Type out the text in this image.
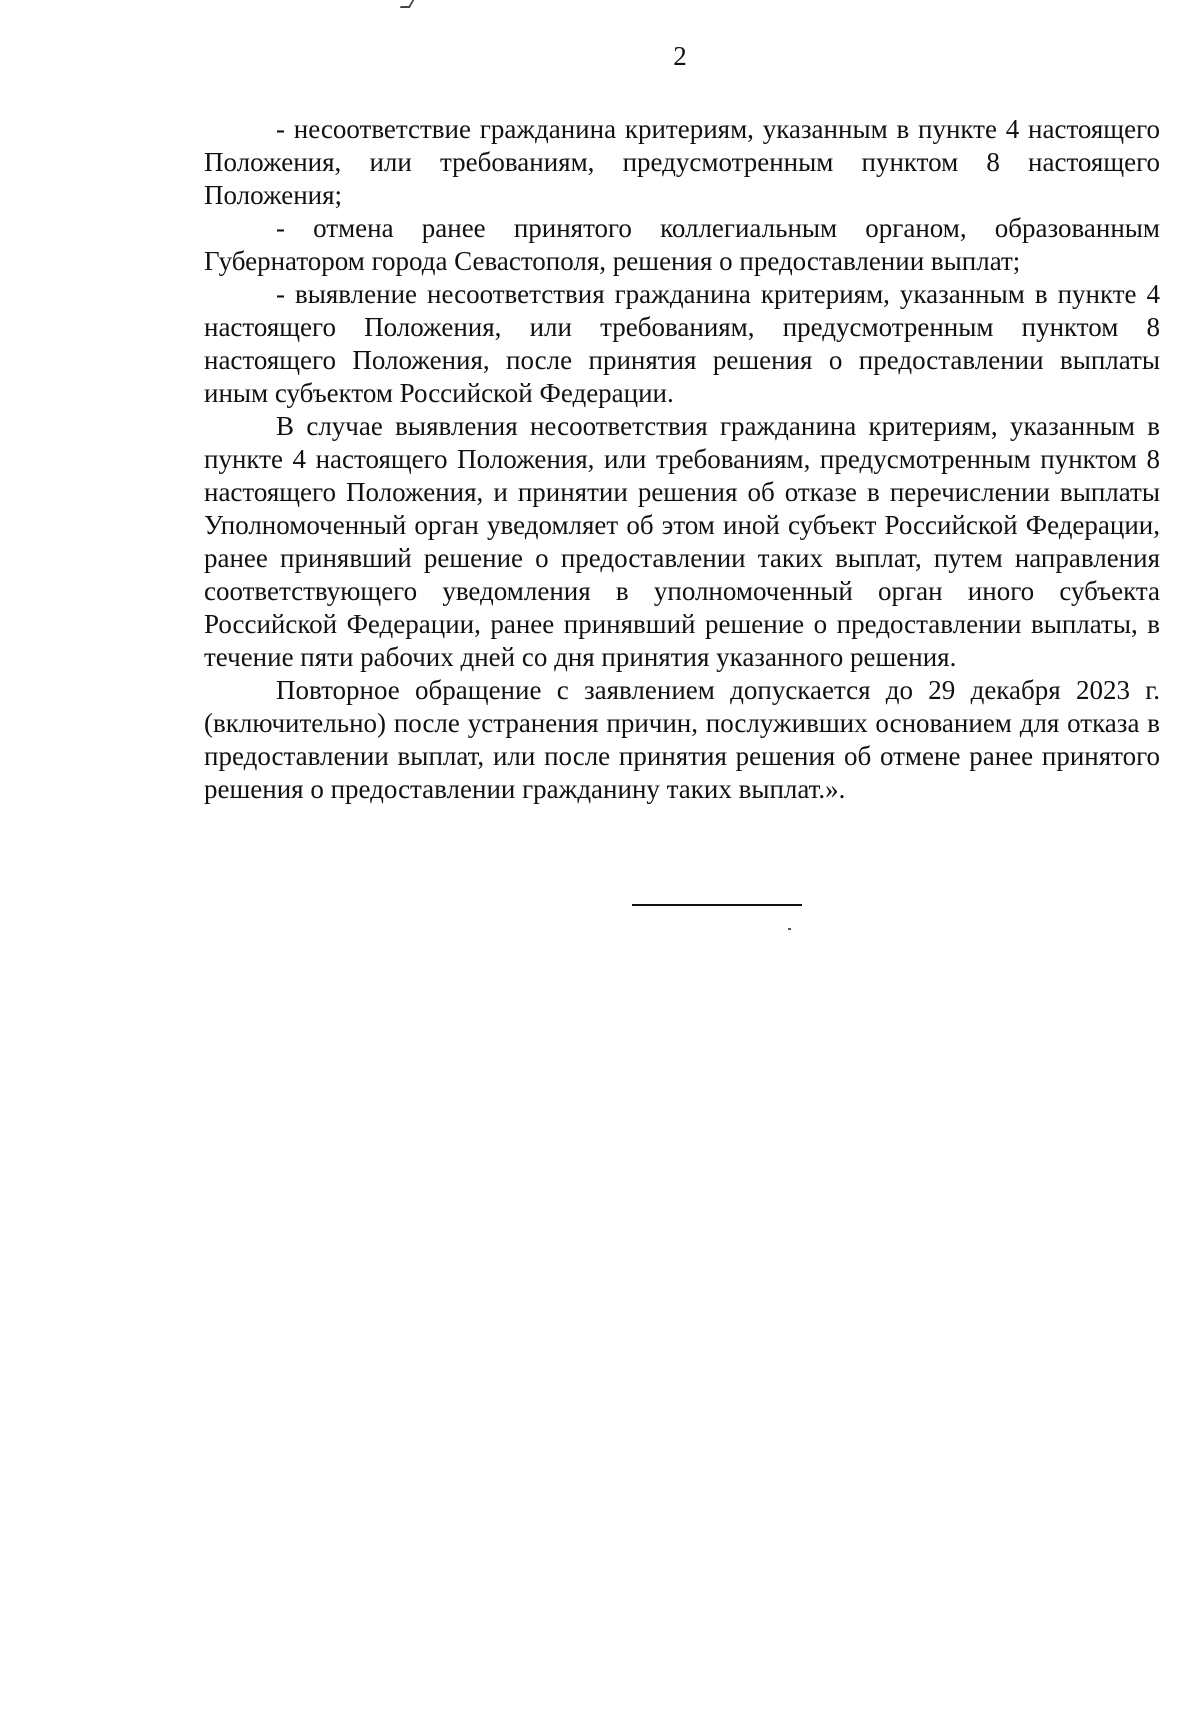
2

- несоответствие гражданина критериям, указанным в пункте 4 настоящего Положения, или требованиям, предусмотренным пунктом 8 настоящего Положения;

- отмена ранее принятого коллегиальным органом, образованным Губернатором города Севастополя, решения о предоставлении выплат;

- выявление несоответствия гражданина критериям, указанным в пункте 4 настоящего Положения, или требованиям, предусмотренным пунктом 8 настоящего Положения, после принятия решения о предоставлении выплаты иным субъектом Российской Федерации.

В случае выявления несоответствия гражданина критериям, указанным в пункте 4 настоящего Положения, или требованиям, предусмотренным пунктом 8 настоящего Положения, и принятии решения об отказе в перечислении выплаты Уполномоченный орган уведомляет об этом иной субъект Российской Федерации, ранее принявший решение о предоставлении таких выплат, путем направления соответствующего уведомления в уполномоченный орган иного субъекта Российской Федерации, ранее принявший решение о предоставлении выплаты, в течение пяти рабочих дней со дня принятия указанного решения.

Повторное обращение с заявлением допускается до 29 декабря 2023 г. (включительно) после устранения причин, послуживших основанием для отказа в предоставлении выплат, или после принятия решения об отмене ранее принятого решения о предоставлении гражданину таких выплат.».
